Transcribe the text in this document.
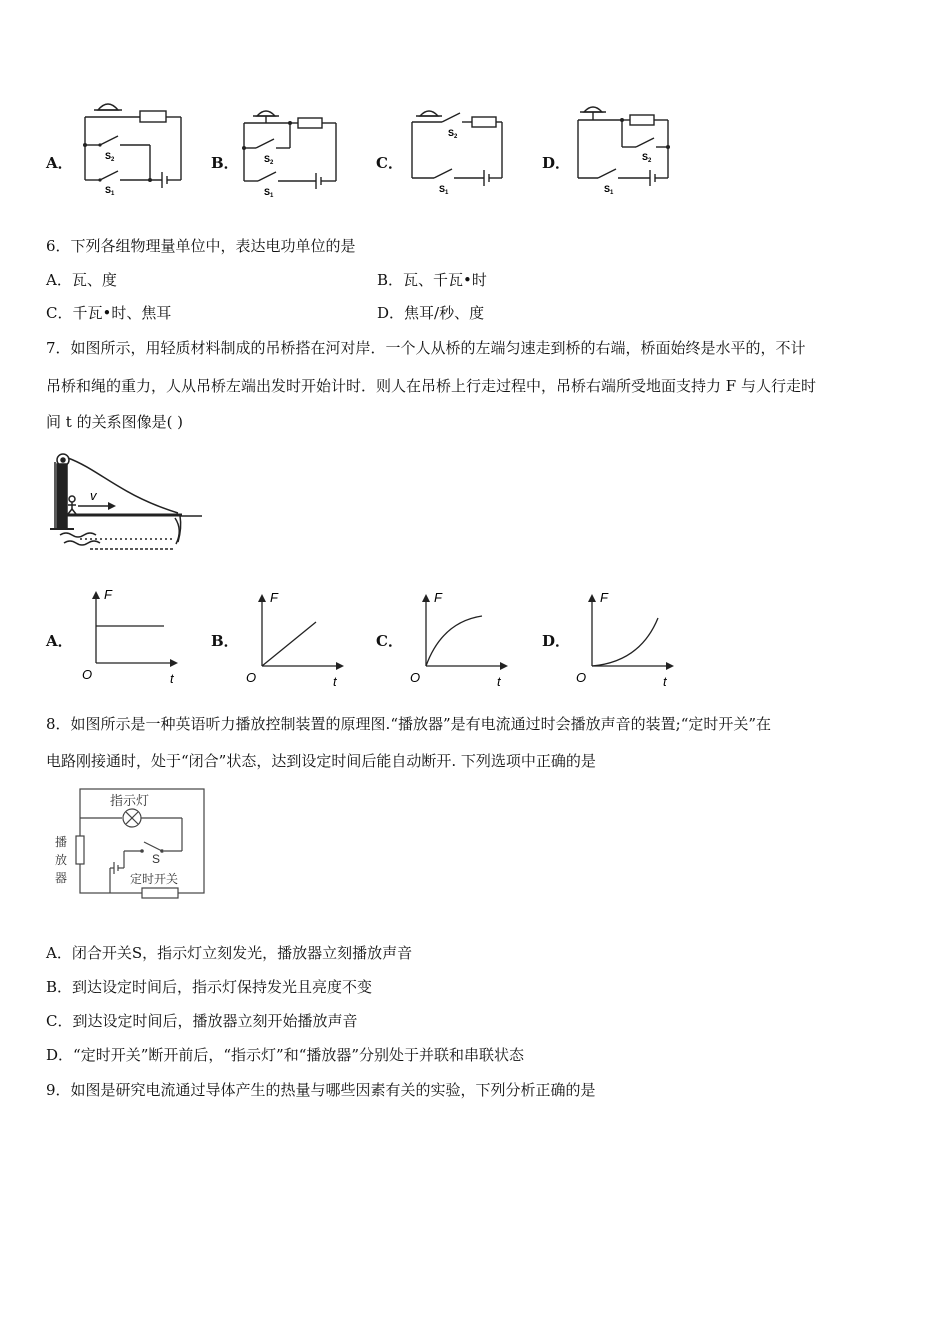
A．	$S_2$
$S_1$
B．	$S_2$
$S_1$
C．
$S_2$
$S_1$
D．	$S_2$
$S_1$
6．下列各组物理量单位中，表达电功单位的是
A．瓦、度	B．瓦、千瓦•时
C．千瓦•时、焦耳	D．焦耳/秒、度
7．如图所示，用轻质材料制成的吊桥搭在河对岸．一个人从桥的左端匀速走到桥的右端，桥面始终是水平的，不计
吊桥和绳的重力，人从吊桥左端出发时开始计时．则人在吊桥上行走过程中，吊桥右端所受地面支持力 F 与人行走时
间 t 的关系图像是( )
v
A．	B．	C．	D．
F
O	t
F
O	t
F
O	t
F
O	t
8．如图所示是一种英语听力播放控制装置的原理图.“播放器”是有电流通过时会播放声音的装置;“定时开关”在
电路刚接通时，处于“闭合”状态，达到设定时间后能自动断开. 下列选项中正确的是
指示灯
S
定时开关
播
放
器
A．闭合开关S，指示灯立刻发光，播放器立刻播放声音
B．到达设定时间后，指示灯保持发光且亮度不变
C．到达设定时间后，播放器立刻开始播放声音
D．“定时开关”断开前后，“指示灯”和“播放器”分别处于并联和串联状态
9．如图是研究电流通过导体产生的热量与哪些因素有关的实验，下列分析正确的是
